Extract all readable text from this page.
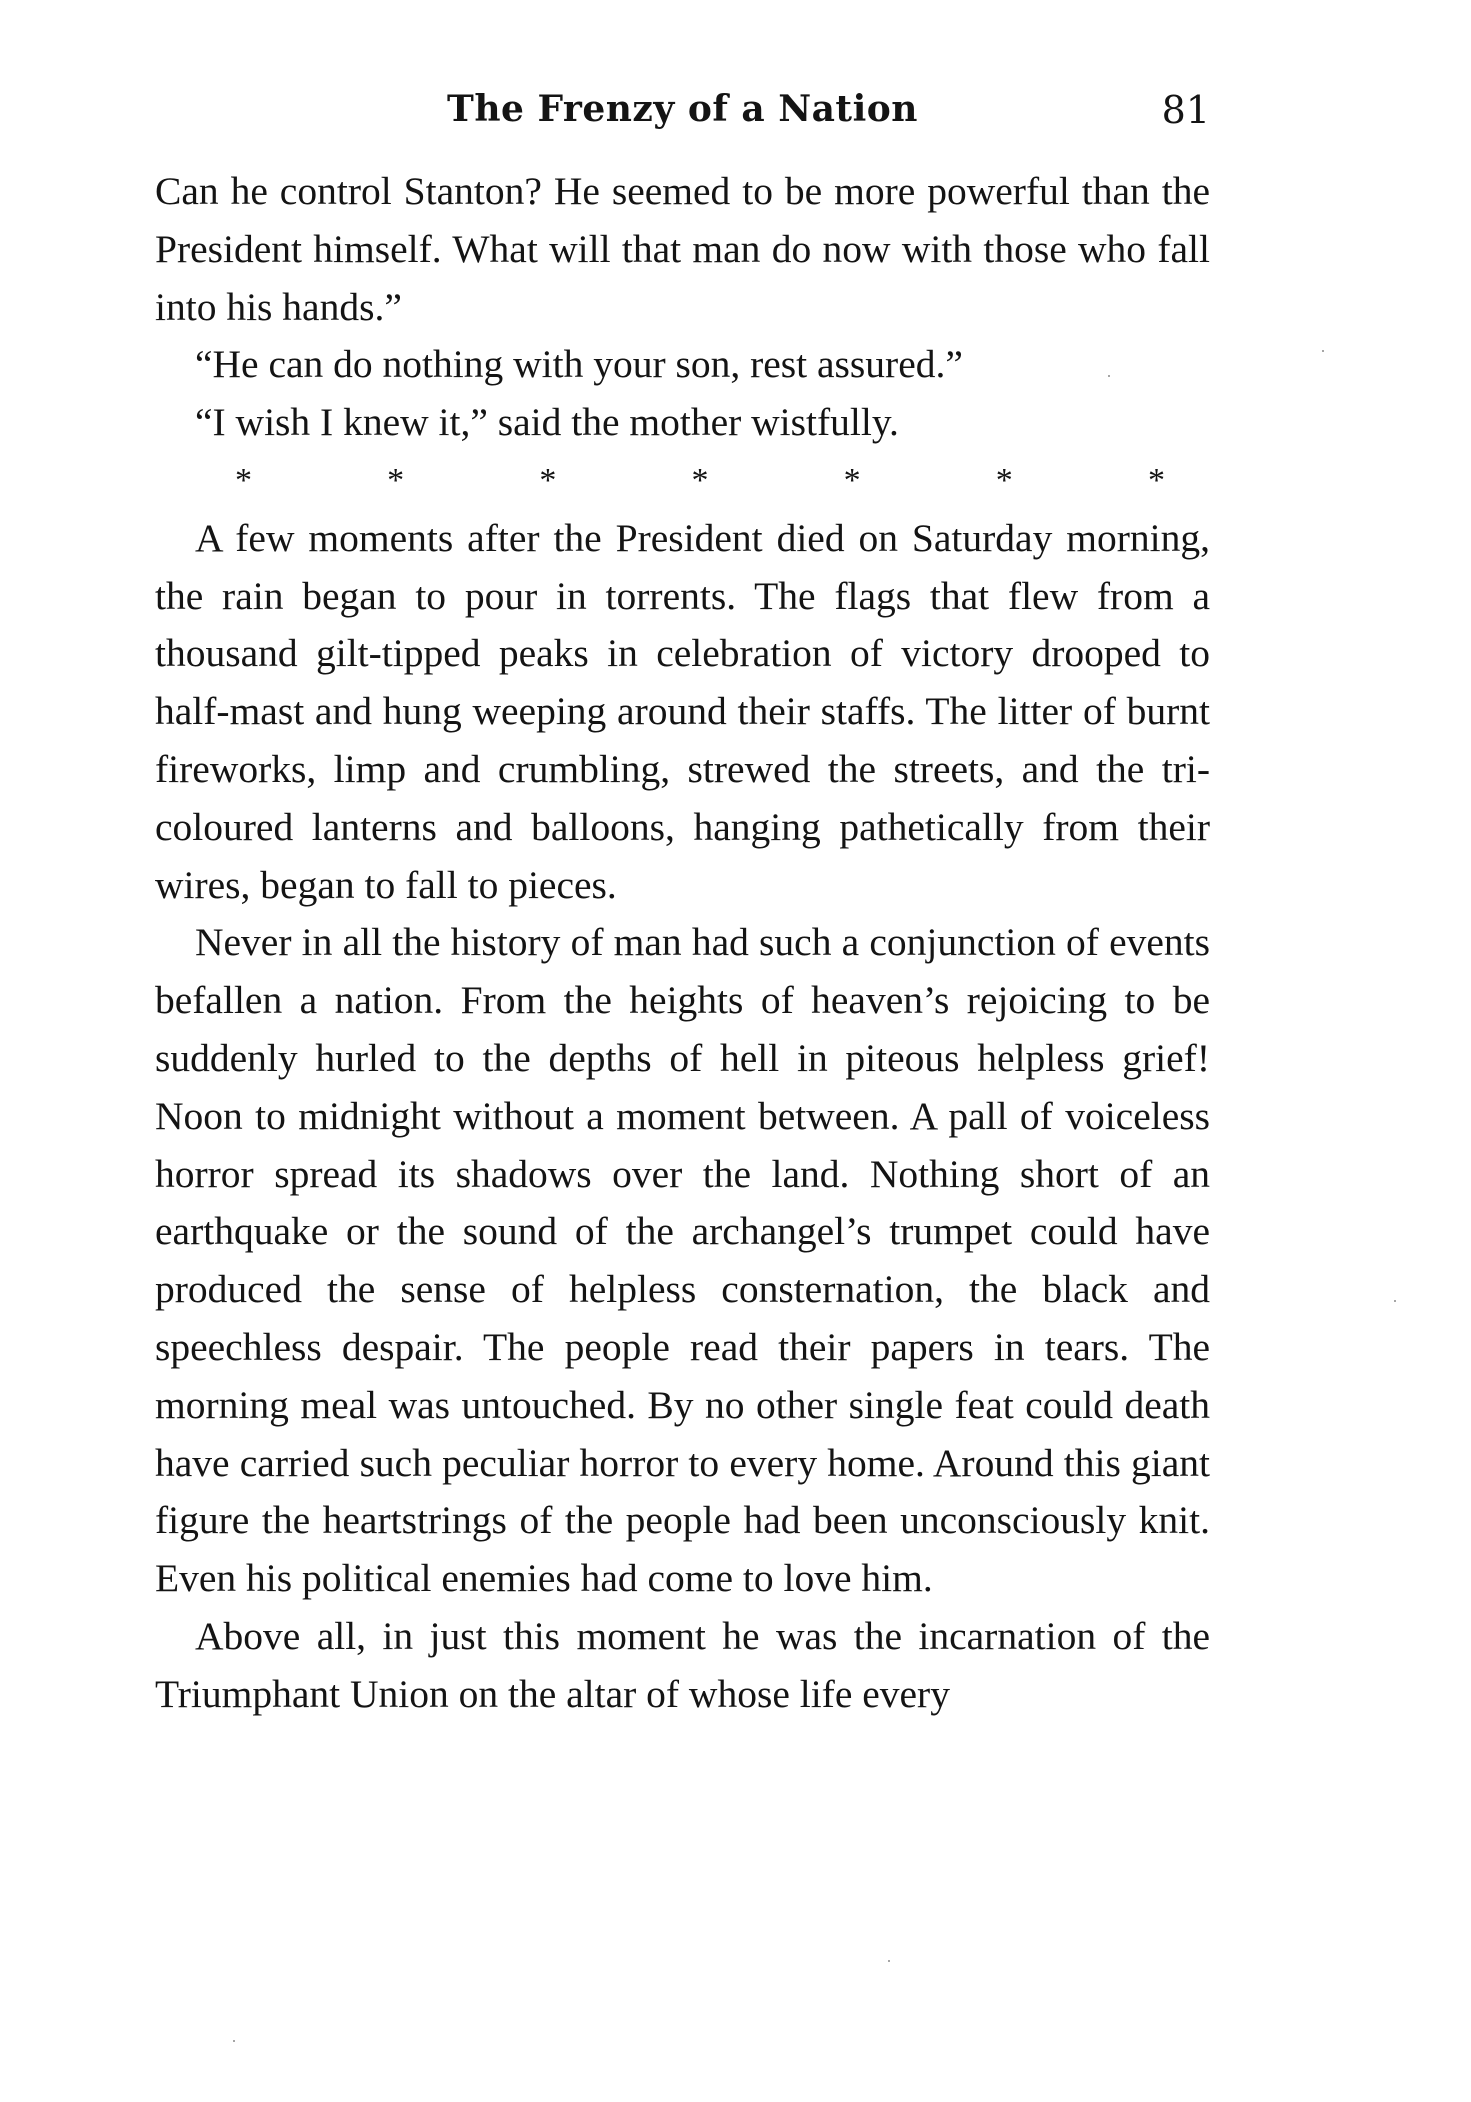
The Frenzy of a Nation	81

Can he control Stanton? He seemed to be more powerful than the President himself. What will that man do now with those who fall into his hands.”

“He can do nothing with your son, rest assured.”

“I wish I knew it,” said the mother wistfully.

*	*	*	*	*	*	*

A few moments after the President died on Saturday morning, the rain began to pour in torrents. The flags that flew from a thousand gilt-tipped peaks in celebration of victory drooped to half-mast and hung weeping around their staffs. The litter of burnt fireworks, limp and crumbling, strewed the streets, and the tri-coloured lanterns and balloons, hanging pathetically from their wires, began to fall to pieces.

Never in all the history of man had such a conjunction of events befallen a nation. From the heights of heaven’s rejoicing to be suddenly hurled to the depths of hell in piteous helpless grief! Noon to midnight without a moment between. A pall of voiceless horror spread its shadows over the land. Nothing short of an earthquake or the sound of the archangel’s trumpet could have produced the sense of helpless consternation, the black and speechless despair. The people read their papers in tears. The morning meal was untouched. By no other single feat could death have carried such peculiar horror to every home. Around this giant figure the heartstrings of the people had been unconsciously knit. Even his political enemies had come to love him.

Above all, in just this moment he was the incarnation of the Triumphant Union on the altar of whose life every
